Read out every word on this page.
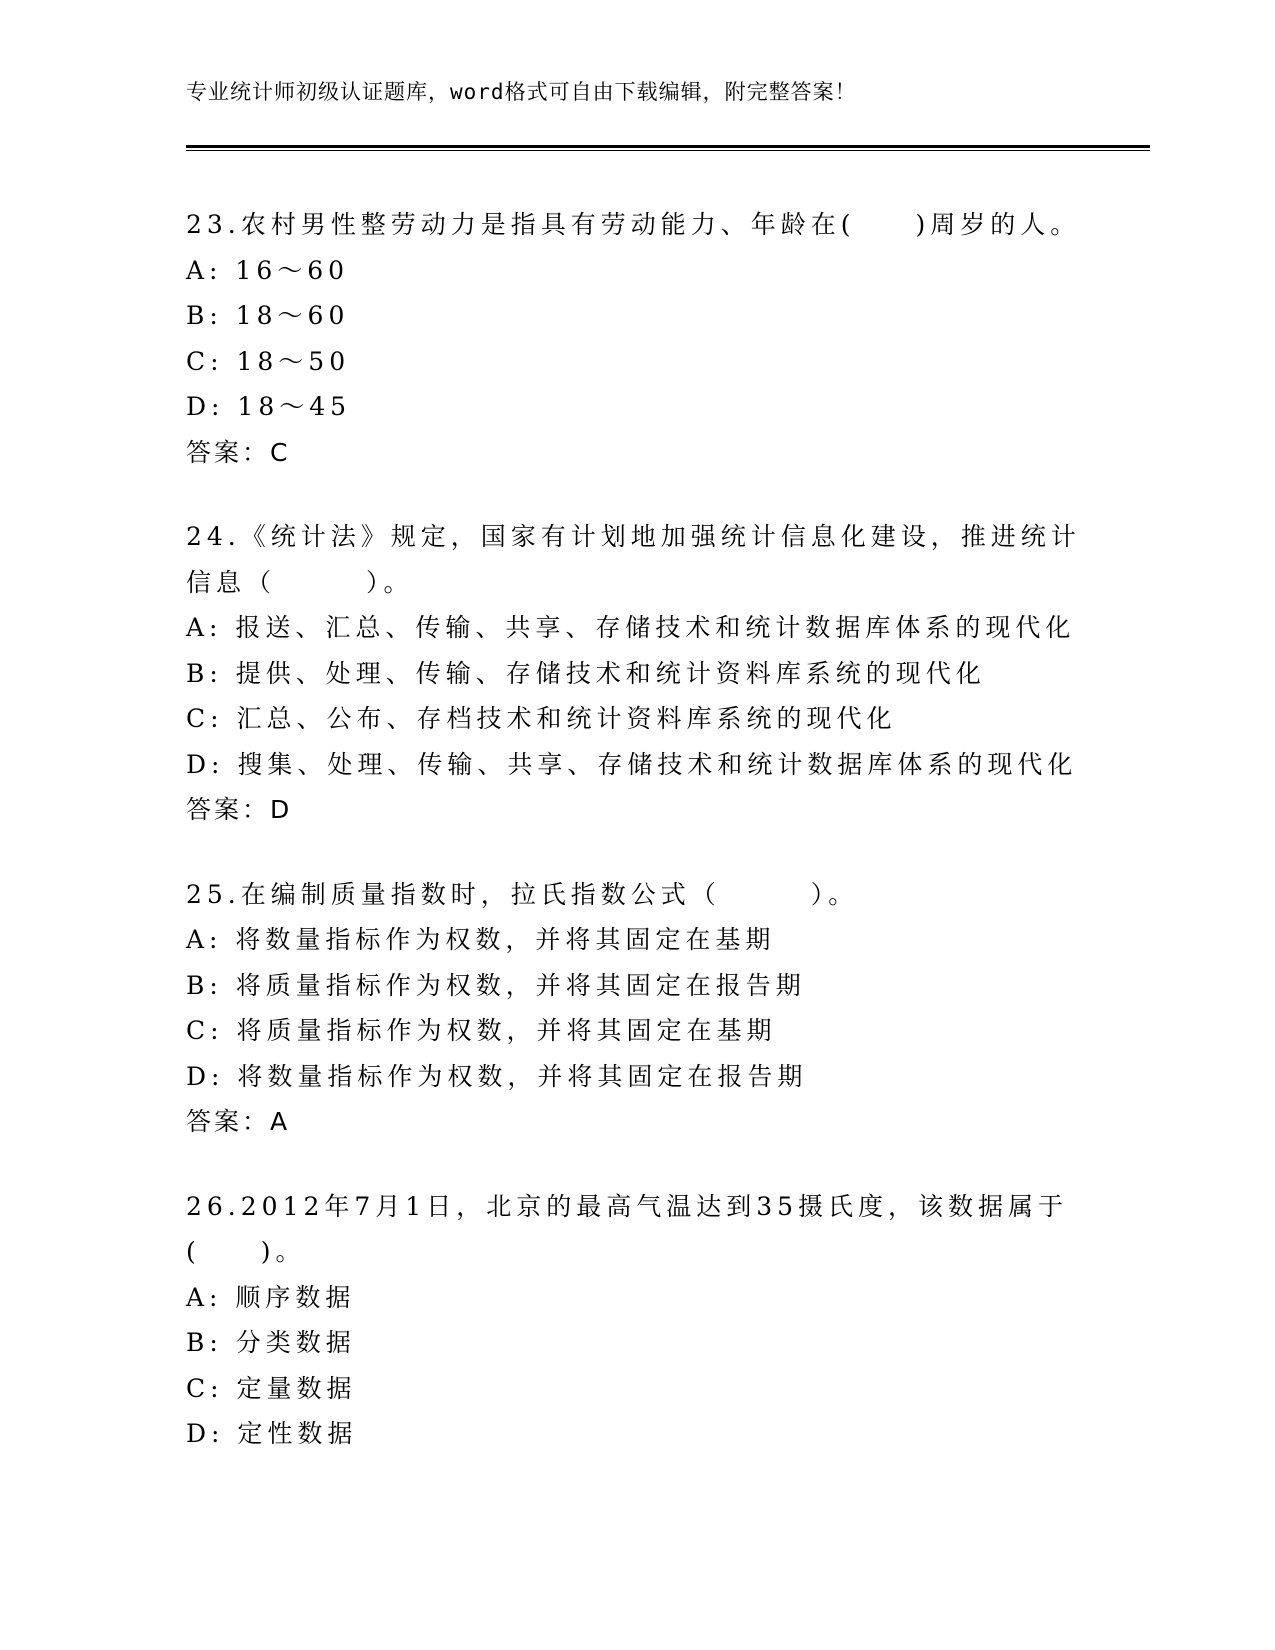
专业统计师初级认证题库，word格式可自由下载编辑，附完整答案！
23.农村男性整劳动力是指具有劳动能力、年龄在(　　)周岁的人。
A: 16～60
B: 18～60
C: 18～50
D: 18～45
答案：C
24.《统计法》规定，国家有计划地加强统计信息化建设，推进统计信息（　　　）。
A: 报送、汇总、传输、共享、存储技术和统计数据库体系的现代化
B: 提供、处理、传输、存储技术和统计资料库系统的现代化
C: 汇总、公布、存档技术和统计资料库系统的现代化
D: 搜集、处理、传输、共享、存储技术和统计数据库体系的现代化
答案：D
25.在编制质量指数时，拉氏指数公式（　　　）。
A: 将数量指标作为权数，并将其固定在基期
B: 将质量指标作为权数，并将其固定在报告期
C: 将质量指标作为权数，并将其固定在基期
D: 将数量指标作为权数，并将其固定在报告期
答案：A
26.2012年7月1日，北京的最高气温达到35摄氏度，该数据属于(　　)。
A: 顺序数据
B: 分类数据
C: 定量数据
D: 定性数据
